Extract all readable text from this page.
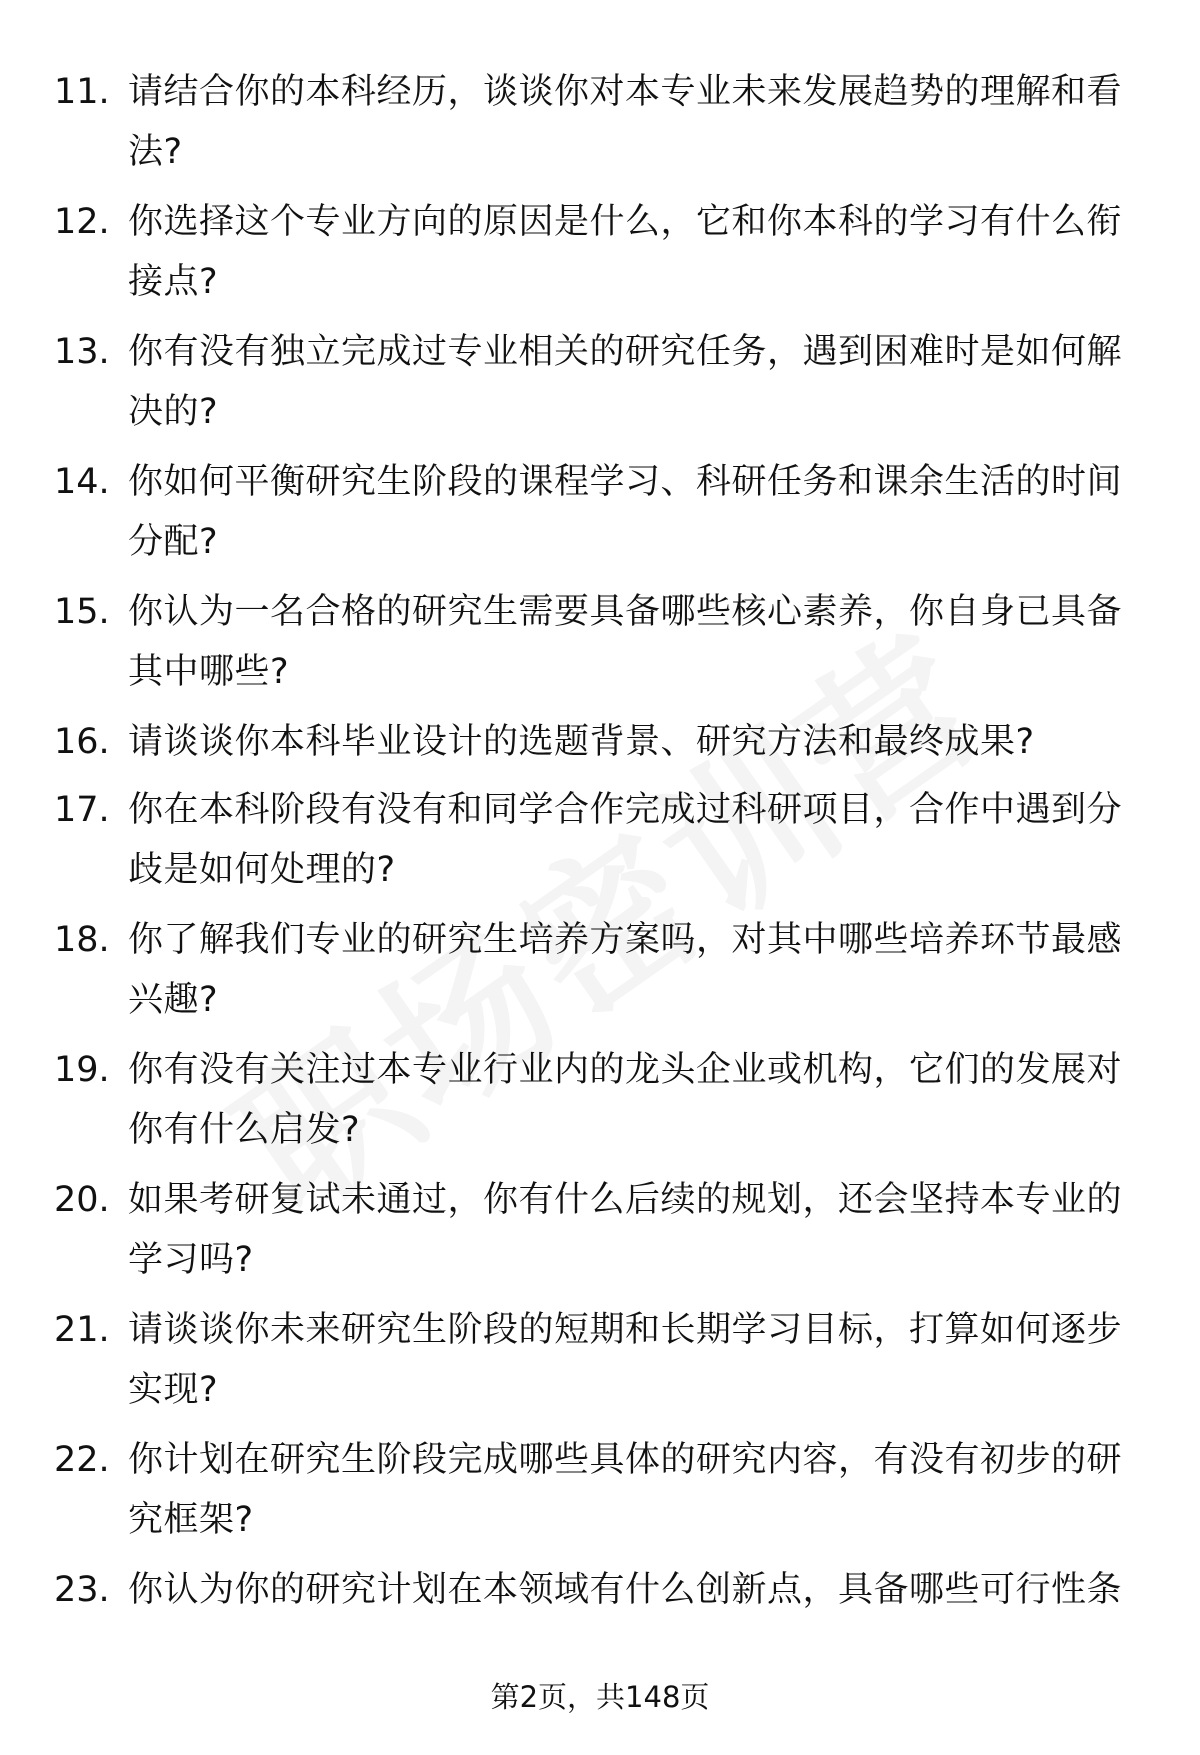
11. 请结合你的本科经历，谈谈你对本专业未来发展趋势的理解和看法?
12. 你选择这个专业方向的原因是什么，它和你本科的学习有什么衔接点?
13. 你有没有独立完成过专业相关的研究任务，遇到困难时是如何解决的?
14. 你如何平衡研究生阶段的课程学习、科研任务和课余生活的时间分配?
15. 你认为一名合格的研究生需要具备哪些核心素养，你自身已具备其中哪些?
16. 请谈谈你本科毕业设计的选题背景、研究方法和最终成果?
17. 你在本科阶段有没有和同学合作完成过科研项目，合作中遇到分歧是如何处理的?
18. 你了解我们专业的研究生培养方案吗，对其中哪些培养环节最感兴趣?
19. 你有没有关注过本专业行业内的龙头企业或机构，它们的发展对你有什么启发?
20. 如果考研复试未通过，你有什么后续的规划，还会坚持本专业的学习吗?
21. 请谈谈你未来研究生阶段的短期和长期学习目标，打算如何逐步实现?
22. 你计划在研究生阶段完成哪些具体的研究内容，有没有初步的研究框架?
23. 你认为你的研究计划在本领域有什么创新点，具备哪些可行性条
第2页，共148页
